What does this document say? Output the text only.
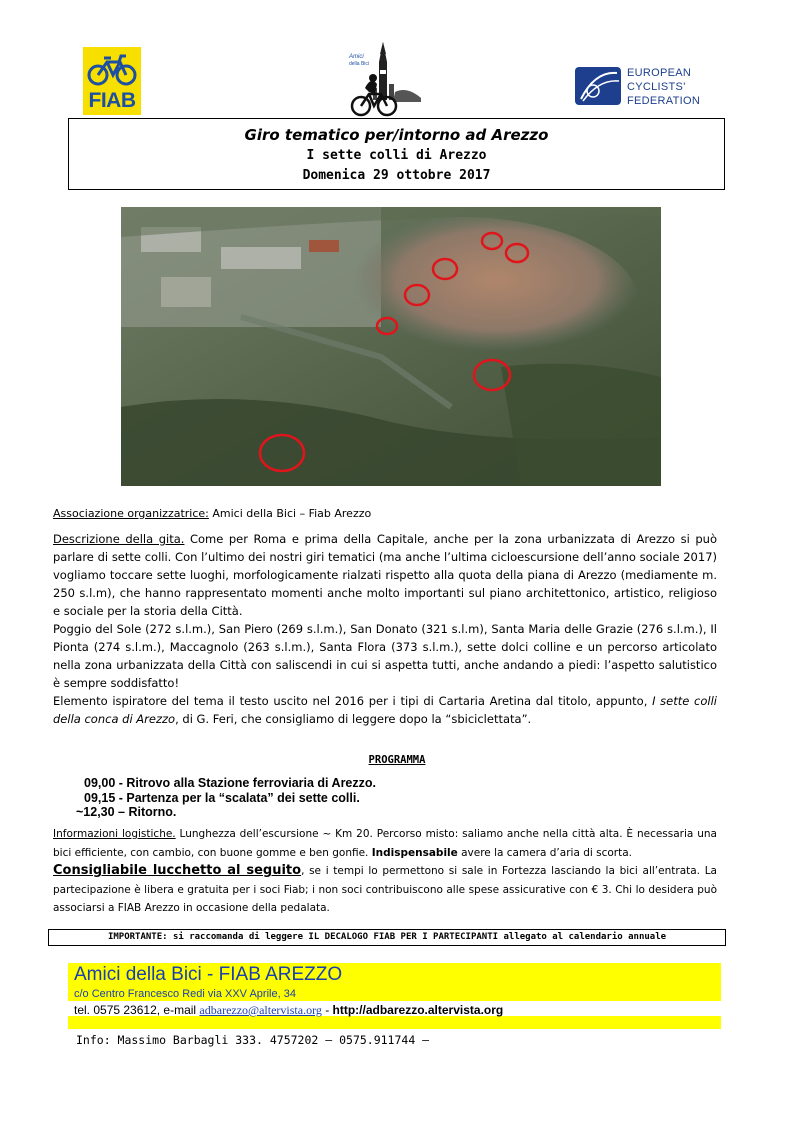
FIAB
Amici
della Bici
EUROPEAN
CYCLISTS'
FEDERATION
Giro tematico per/intorno ad Arezzo
I sette colli di Arezzo
Domenica 29 ottobre 2017
Associazione organizzatrice: Amici della Bici – Fiab Arezzo

Descrizione della gita. Come per Roma e prima della Capitale, anche per la zona urbanizzata di Arezzo si può parlare di sette colli. Con l’ultimo dei nostri giri tematici (ma anche l’ultima cicloescursione dell’anno sociale 2017) vogliamo toccare sette luoghi, morfologicamente rialzati rispetto alla quota della piana di Arezzo (mediamente m. 250 s.l.m), che hanno rappresentato momenti anche molto importanti sul piano architettonico, artistico, religioso e sociale per la storia della Città.

Poggio del Sole (272 s.l.m.), San Piero (269 s.l.m.), San Donato (321 s.l.m), Santa Maria delle Grazie (276 s.l.m.), Il Pionta (274 s.l.m.), Maccagnolo (263 s.l.m.), Santa Flora (373 s.l.m.), sette dolci colline e un percorso articolato nella zona urbanizzata della Città con saliscendi in cui si aspetta tutti, anche andando a piedi: l’aspetto salutistico è sempre soddisfatto!

Elemento ispiratore del tema il testo uscito nel 2016 per i tipi di Cartaria Aretina dal titolo, appunto, I sette colli della conca di Arezzo, di G. Feri, che consigliamo di leggere dopo la “sbiciclettata”.

PROGRAMMA
09,00 - Ritrovo alla Stazione ferroviaria di Arezzo.
09,15 - Partenza per la “scalata” dei sette colli.
~12,30 – Ritorno.

Informazioni logistiche. Lunghezza dell’escursione ~ Km 20. Percorso misto: saliamo anche nella città alta. È necessaria una bici efficiente, con cambio, con buone gomme e ben gonfie. Indispensabile avere la camera d’aria di scorta.

Consigliabile lucchetto al seguito, se i tempi lo permettono si sale in Fortezza lasciando la bici all’entrata. La partecipazione è libera e gratuita per i soci Fiab; i non soci contribuiscono alle spese assicurative con € 3. Chi lo desidera può associarsi a FIAB Arezzo in occasione della pedalata.

IMPORTANTE: si raccomanda di leggere IL DECALOGO FIAB PER I PARTECIPANTI allegato al calendario annuale
Amici della Bici - FIAB AREZZO
c/o Centro Francesco Redi via XXV Aprile, 34
tel. 0575 23612, e-mail adbarezzo@altervista.org - http://adbarezzo.altervista.org
Info: Massimo Barbagli 333. 4757202 – 0575.911744 –
